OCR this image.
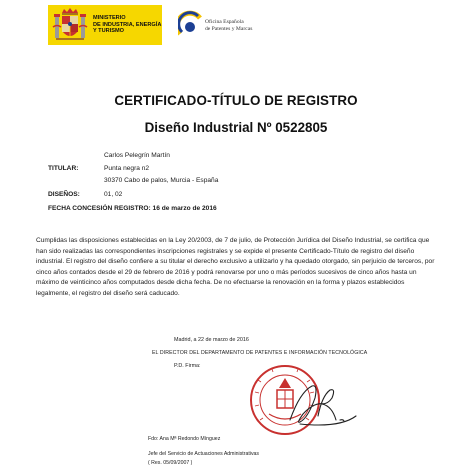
MINISTERIO
DE INDUSTRIA, ENERGÍA
Y TURISMO
Oficina Española
de Patentes y Marcas
CERTIFICADO-TÍTULO DE REGISTRO
Diseño Industrial Nº 0522805
Carlos Pelegrín Martín
TITULAR:	Punta negra n2
30370 Cabo de palos, Murcia - España
DISEÑOS:	01, 02
FECHA CONCESIÓN REGISTRO: 16 de marzo de 2016
Cumplidas las disposiciones establecidas en la Ley 20/2003, de 7 de julio, de Protección Jurídica del Diseño Industrial, se certifica que han sido realizadas las correspondientes inscripciones registrales y se expide el presente Certificado-Título de registro del diseño industrial. El registro del diseño confiere a su titular el derecho exclusivo a utilizarlo y ha quedado otorgado, sin perjuicio de terceros, por cinco años contados desde el 29 de febrero de 2016 y podrá renovarse por uno o más períodos sucesivos de cinco años hasta un máximo de veinticinco años computados desde dicha fecha. De no efectuarse la renovación en la forma y plazos establecidos legalmente, el registro del diseño será caducado.
Madrid, a 22 de marzo de 2016
EL DIRECTOR DEL DEPARTAMENTO DE PATENTES E INFORMACIÓN TECNOLÓGICA
P.D. Firma:
Fdo: Ana Mª Redondo Mínguez
Jefe del Servicio de Actuaciones Administrativas
( Res. 05/09/2007 )
